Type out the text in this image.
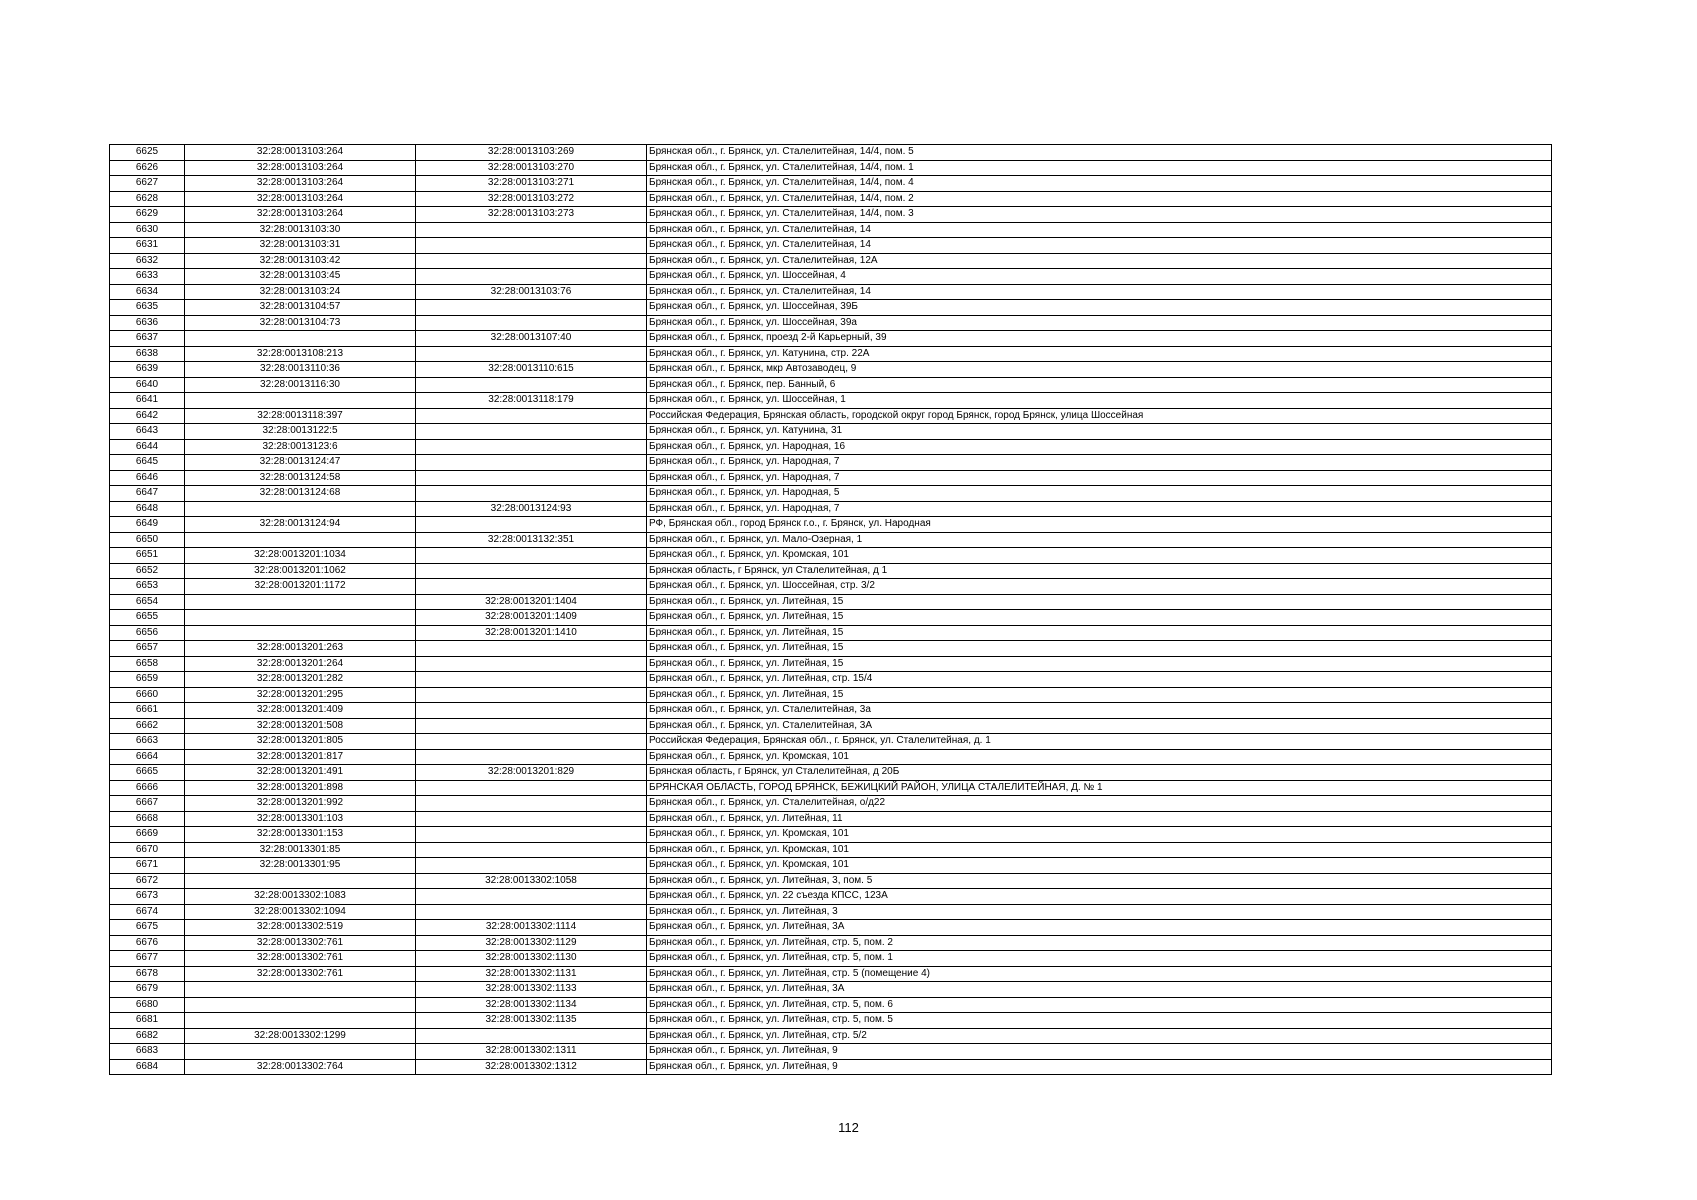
6625	32:28:0013103:264	32:28:0013103:269	Брянская обл., г. Брянск, ул. Сталелитейная, 14/4, пом. 5
6626	32:28:0013103:264	32:28:0013103:270	Брянская обл., г. Брянск, ул. Сталелитейная, 14/4, пом. 1
6627	32:28:0013103:264	32:28:0013103:271	Брянская обл., г. Брянск, ул. Сталелитейная, 14/4, пом. 4
6628	32:28:0013103:264	32:28:0013103:272	Брянская обл., г. Брянск, ул. Сталелитейная, 14/4, пом. 2
6629	32:28:0013103:264	32:28:0013103:273	Брянская обл., г. Брянск, ул. Сталелитейная, 14/4, пом. 3
6630	32:28:0013103:30		Брянская обл., г. Брянск, ул. Сталелитейная, 14
6631	32:28:0013103:31		Брянская обл., г. Брянск, ул. Сталелитейная, 14
6632	32:28:0013103:42		Брянская обл., г. Брянск, ул. Сталелитейная, 12А
6633	32:28:0013103:45		Брянская обл., г. Брянск, ул. Шоссейная, 4
6634	32:28:0013103:24	32:28:0013103:76	Брянская обл., г. Брянск, ул. Сталелитейная, 14
6635	32:28:0013104:57		Брянская обл., г. Брянск, ул. Шоссейная, 39Б
6636	32:28:0013104:73		Брянская обл., г. Брянск, ул. Шоссейная, 39а
6637		32:28:0013107:40	Брянская обл., г. Брянск, проезд 2-й Карьерный, 39
6638	32:28:0013108:213		Брянская обл., г. Брянск, ул. Катунина, стр. 22А
6639	32:28:0013110:36	32:28:0013110:615	Брянская обл., г. Брянск, мкр Автозаводец, 9
6640	32:28:0013116:30		Брянская обл., г. Брянск, пер. Банный, 6
6641		32:28:0013118:179	Брянская обл., г. Брянск, ул. Шоссейная, 1
6642	32:28:0013118:397		Российская Федерация, Брянская область, городской округ город Брянск, город Брянск, улица Шоссейная
6643	32:28:0013122:5		Брянская обл., г. Брянск, ул. Катунина, 31
6644	32:28:0013123:6		Брянская обл., г. Брянск, ул. Народная, 16
6645	32:28:0013124:47		Брянская обл., г. Брянск, ул. Народная, 7
6646	32:28:0013124:58		Брянская обл., г. Брянск, ул. Народная, 7
6647	32:28:0013124:68		Брянская обл., г. Брянск, ул. Народная, 5
6648		32:28:0013124:93	Брянская обл., г. Брянск, ул. Народная, 7
6649	32:28:0013124:94		РФ, Брянская обл., город Брянск г.о., г. Брянск, ул. Народная
6650		32:28:0013132:351	Брянская обл., г. Брянск, ул. Мало-Озерная, 1
6651	32:28:0013201:1034		Брянская обл., г. Брянск, ул. Кромская, 101
6652	32:28:0013201:1062		Брянская область, г Брянск, ул Сталелитейная, д 1
6653	32:28:0013201:1172		Брянская обл., г. Брянск, ул. Шоссейная, стр. 3/2
6654		32:28:0013201:1404	Брянская обл., г. Брянск, ул. Литейная, 15
6655		32:28:0013201:1409	Брянская обл., г. Брянск, ул. Литейная, 15
6656		32:28:0013201:1410	Брянская обл., г. Брянск, ул. Литейная, 15
6657	32:28:0013201:263		Брянская обл., г. Брянск, ул. Литейная, 15
6658	32:28:0013201:264		Брянская обл., г. Брянск, ул. Литейная, 15
6659	32:28:0013201:282		Брянская обл., г. Брянск, ул. Литейная, стр. 15/4
6660	32:28:0013201:295		Брянская обл., г. Брянск, ул. Литейная, 15
6661	32:28:0013201:409		Брянская обл., г. Брянск, ул. Сталелитейная, 3а
6662	32:28:0013201:508		Брянская обл., г. Брянск, ул. Сталелитейная, 3А
6663	32:28:0013201:805		Российская Федерация, Брянская обл., г. Брянск, ул. Сталелитейная, д. 1
6664	32:28:0013201:817		Брянская обл., г. Брянск, ул. Кромская, 101
6665	32:28:0013201:491	32:28:0013201:829	Брянская область, г Брянск, ул Сталелитейная, д 20Б
6666	32:28:0013201:898		БРЯНСКАЯ ОБЛАСТЬ, ГОРОД БРЯНСК, БЕЖИЦКИЙ РАЙОН, УЛИЦА СТАЛЕЛИТЕЙНАЯ, Д. № 1
6667	32:28:0013201:992		Брянская обл., г. Брянск, ул. Сталелитейная, о/д22
6668	32:28:0013301:103		Брянская обл., г. Брянск, ул. Литейная, 11
6669	32:28:0013301:153		Брянская обл., г. Брянск, ул. Кромская, 101
6670	32:28:0013301:85		Брянская обл., г. Брянск, ул. Кромская, 101
6671	32:28:0013301:95		Брянская обл., г. Брянск, ул. Кромская, 101
6672		32:28:0013302:1058	Брянская обл., г. Брянск, ул. Литейная, 3, пом. 5
6673	32:28:0013302:1083		Брянская обл., г. Брянск, ул. 22 съезда КПСС, 123А
6674	32:28:0013302:1094		Брянская обл., г. Брянск, ул. Литейная, 3
6675	32:28:0013302:519	32:28:0013302:1114	Брянская обл., г. Брянск, ул. Литейная, 3А
6676	32:28:0013302:761	32:28:0013302:1129	Брянская обл., г. Брянск, ул. Литейная, стр. 5, пом. 2
6677	32:28:0013302:761	32:28:0013302:1130	Брянская обл., г. Брянск, ул. Литейная, стр. 5, пом. 1
6678	32:28:0013302:761	32:28:0013302:1131	Брянская обл., г. Брянск, ул. Литейная, стр. 5 (помещение 4)
6679		32:28:0013302:1133	Брянская обл., г. Брянск, ул. Литейная, 3А
6680		32:28:0013302:1134	Брянская обл., г. Брянск, ул. Литейная, стр. 5, пом. 6
6681		32:28:0013302:1135	Брянская обл., г. Брянск, ул. Литейная, стр. 5, пом. 5
6682	32:28:0013302:1299		Брянская обл., г. Брянск, ул. Литейная, стр. 5/2
6683		32:28:0013302:1311	Брянская обл., г. Брянск, ул. Литейная, 9
6684	32:28:0013302:764	32:28:0013302:1312	Брянская обл., г. Брянск, ул. Литейная, 9
112
